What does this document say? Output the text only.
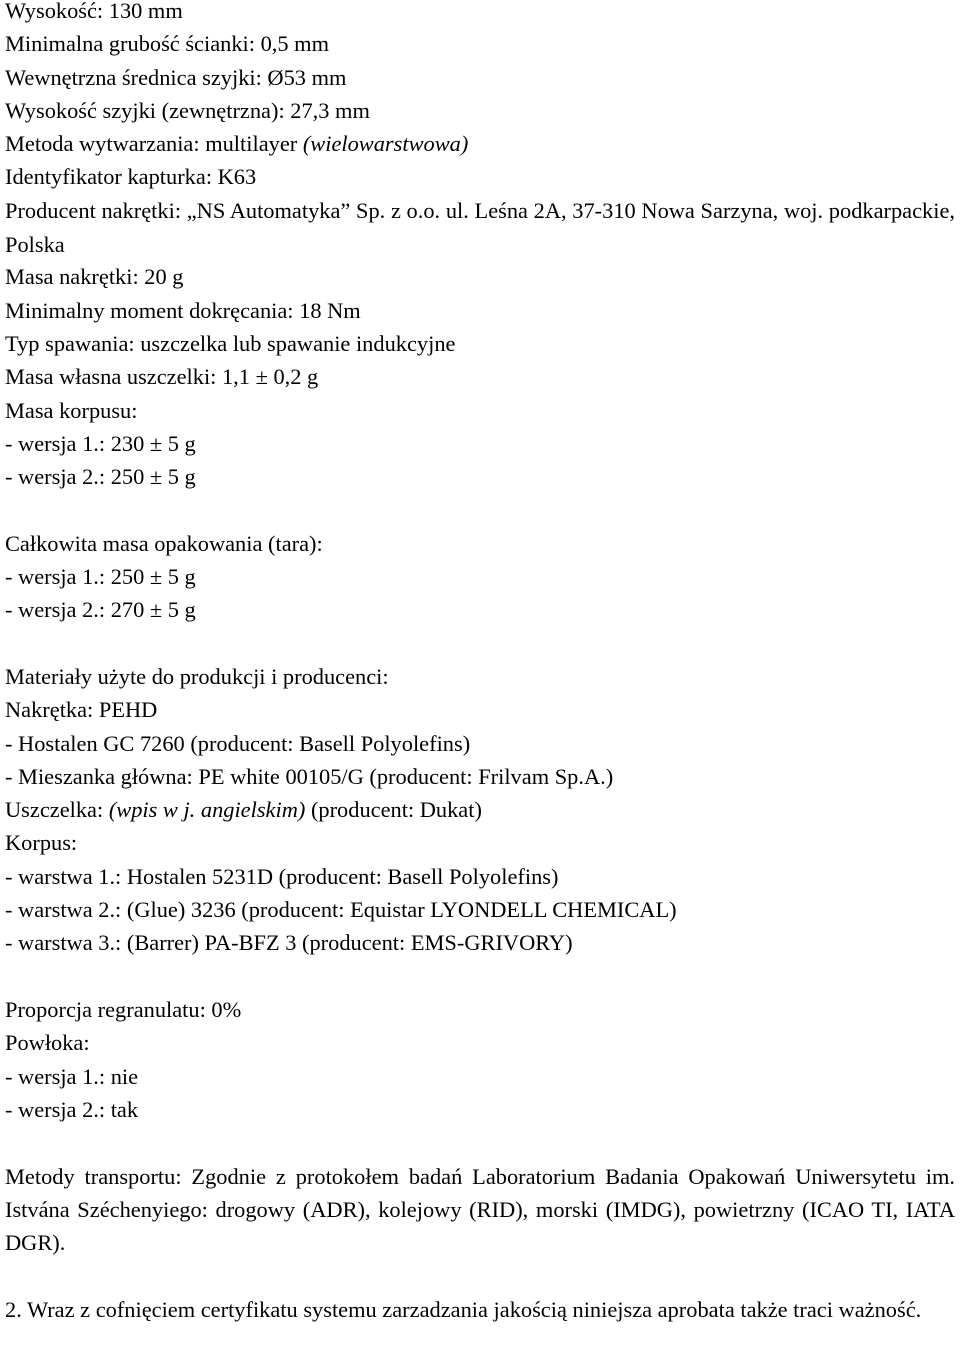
Wysokość: 130 mm
Minimalna grubość ścianki: 0,5 mm
Wewnętrzna średnica szyjki: Ø53 mm
Wysokość szyjki (zewnętrzna): 27,3 mm
Metoda wytwarzania: multilayer (wielowarstwowa)
Identyfikator kapturka: K63
Producent nakrętki: „NS Automatyka” Sp. z o.o. ul. Leśna 2A, 37-310 Nowa Sarzyna, woj. podkarpackie, Polska
Masa nakrętki: 20 g
Minimalny moment dokręcania: 18 Nm
Typ spawania: uszczelka lub spawanie indukcyjne
Masa własna uszczelki: 1,1 ± 0,2 g
Masa korpusu:
- wersja 1.: 230 ± 5 g
- wersja 2.: 250 ± 5 g
Całkowita masa opakowania (tara):
- wersja 1.: 250 ± 5 g
- wersja 2.: 270 ± 5 g
Materiały użyte do produkcji i producenci:
Nakrętka: PEHD
- Hostalen GC 7260 (producent: Basell Polyolefins)
- Mieszanka główna: PE white 00105/G (producent: Frilvam Sp.A.)
Uszczelka: (wpis w j. angielskim) (producent: Dukat)
Korpus:
- warstwa 1.: Hostalen 5231D (producent: Basell Polyolefins)
- warstwa 2.: (Glue) 3236 (producent: Equistar LYONDELL CHEMICAL)
- warstwa 3.: (Barrer) PA-BFZ 3 (producent: EMS-GRIVORY)
Proporcja regranulatu: 0%
Powłoka:
- wersja 1.: nie
- wersja 2.: tak
Metody transportu: Zgodnie z protokołem badań Laboratorium Badania Opakowań Uniwersytetu im. Istvána Széchenyiego: drogowy (ADR), kolejowy (RID), morski (IMDG), powietrzny (ICAO TI, IATA DGR).
2. Wraz z cofnięciem certyfikatu systemu zarzadzania jakością niniejsza aprobata także traci ważność.
